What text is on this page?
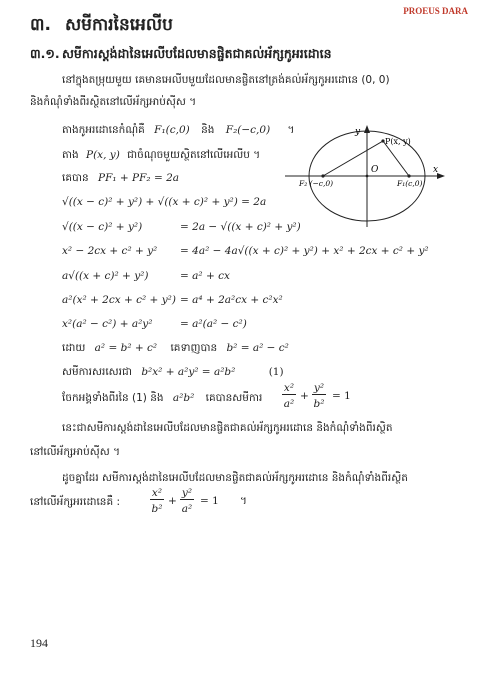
PROEUS DARA
៣. សមីការនៃអេលីប
៣.១. សមីការស្តង់ដានៃអេលីបដែលមានផ្ចិតជាគល់អ័ក្សកូអរដោនេ
នៅក្នុងតម្រុយមួយ គេមានអេលីបមួយដែលមានផ្ចិតនៅត្រង់គល់អ័ក្សកូអរដោនេ (0, 0)
និងកំណុំទាំងពីរស្ថិតនៅលើអ័ក្សអាប់ស៊ីស ។
តាងកូអរដោនេកំណុំគឺ F₁(c,0) និង F₂(−c,0) ។
តាង P(x, y) ជាចំណុចមួយស្ថិតនៅលើអេលីប ។
គេបាន PF₁ + PF₂ = 2a
√((x − c)² + y²) + √((x + c)² + y²) = 2a
√((x − c)² + y²)	= 2a − √((x + c)² + y²)
x² − 2cx + c² + y² = 4a² − 4a√((x + c)² + y²) + x² + 2cx + c² + y²
a√((x + c)² + y²)	= a² + cx
a²(x² + 2cx + c² + y²) = a⁴ + 2a²cx + c²x²
x²(a² − c²) + a²y²	= a²(a² − c²)
ដោយ a² = b² + c² គេទាញបាន b² = a² − c²
សមីការសរសេរជា b²x² + a²y² = a²b²	(1)
ចែកអង្គទាំងពីរនៃ (1) និង a²b² គេបានសមីការ
x²
a²
+
y²
b²
= 1
នេះជាសមីការស្តង់ដានៃអេលីបដែលមានផ្ចិតជាគល់អ័ក្សកូអរដោនេ និងកំណុំទាំងពីរស្ថិត
នៅលើអ័ក្សអាប់ស៊ីស ។
ដូចគ្នាដែរ សមីការស្តង់ដានៃអេលីបដែលមានផ្ចិតជាគល់អ័ក្សកូអរដោនេ និងកំណុំទាំងពីរស្ថិត
នៅលើអ័ក្សអរដោនេគឺ :
x²
b²
+
y²
a²
= 1 ។
194
y
x
O
P(x, y)
F₁(c,0)
F₂ (−c,0)
